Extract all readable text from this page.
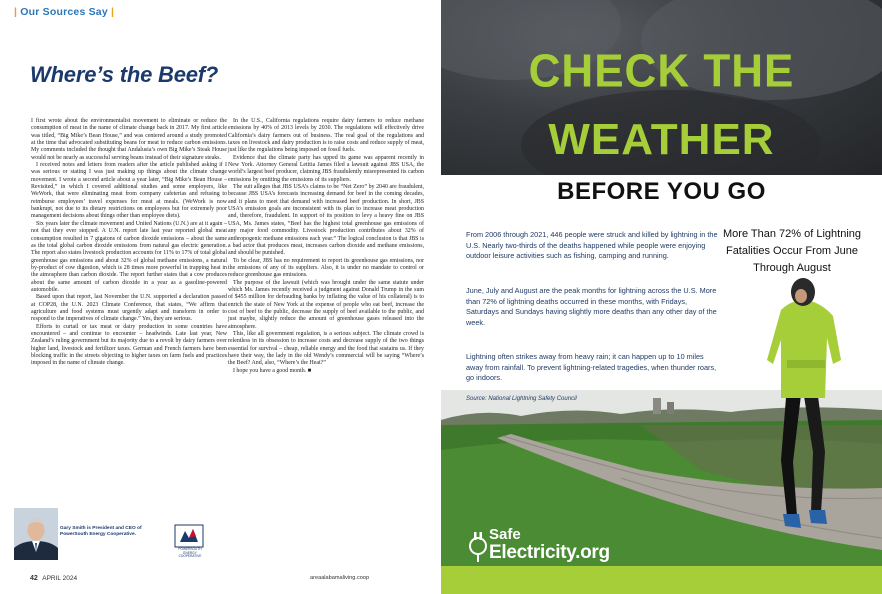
| Our Sources Say |
Where’s the Beef?

I first wrote about the environmentalist movement to eliminate or reduce the consumption of meat in the name of climate change back in 2017. My first article was titled, “Big Mike’s Bean House,” and was centered around a study promoted at the time that advocated substituting beans for meat to reduce carbon emissions. My comments included the thought that Andalusia’s own Big Mike’s Steak House would not be nearly as successful serving beans instead of their signature steaks.

I received notes and letters from readers after the article published asking if I was serious or stating I was just making up things about the climate change movement. I wrote a second article about a year later, “Big Mike’s Bean House – Revisited,” in which I covered additional studies and some employers, like WeWork, that were eliminating meat from company cafeterias and refusing to reimburse employees’ travel expenses for meat at meals. (WeWork is now bankrupt, not due to its dietary restrictions on employees but for extremely poor management decisions about things other than employee diets).

Six years later the climate movement and United Nations (U.N.) are at it again – not that they ever stopped. A U.N. report late last year reported global meat consumption resulted in 7 gigatons of carbon dioxide emissions – about the same as the total global carbon dioxide emissions from natural gas electric generation. The report also states livestock production accounts for 11% to 17% of total global greenhouse gas emissions and about 32% of global methane emissions, a natural by-product of cow digestion, which is 28 times more powerful in trapping heat in the atmosphere than carbon dioxide. The report further states that a cow produces about the same amount of carbon dioxide in a year as a gasoline-powered automobile.

Based upon that report, last November the U.N. supported a declaration passed at COP28, the U.N. 2023 Climate Conference, that states, “We affirm that agriculture and food systems must urgently adapt and transform in order to respond to the imperatives of climate change.” Yes, they are serious.

Efforts to curtail or tax meat or dairy production in some countries have encountered – and continue to encounter – headwinds. Late last year, New Zealand’s ruling government but its majority due to a revolt by dairy farmers over higher land, livestock and fertilizer taxes. German and French farmers have been blocking traffic in the streets objecting to higher taxes on farm fuels and practices imposed in the name of climate change.

In the U.S., California regulations require dairy farmers to reduce methane emissions by 40% of 2013 levels by 2030. The regulations will effectively drive California’s dairy farmers out of business. The real goal of the regulations and taxes on livestock and dairy production is to raise costs and reduce supply of meat, just like the regulations being imposed on fossil fuels.

Evidence that the climate party has upped its game was apparent recently in New York. Attorney General Letitia James filed a lawsuit against JBS USA, the world’s largest beef producer, claiming JBS fraudulently misrepresented its carbon emissions by omitting the emissions of its suppliers.

The suit alleges that JBS USA’s claims to be “Net Zero” by 2040 are fraudulent, because JBS USA’s forecasts increasing demand for beef in the coming decades, and it plans to meet that demand with increased beef production. In short, JBS USA’s emission goals are inconsistent with its plan to increase meat production and, therefore, fraudulent. In support of its position to levy a heavy fine on JBS USA, Ms. James states, “Beef has the highest total greenhouse gas emissions of any major food commodity. Livestock production contributes about 32% of anthropogenic methane emissions each year.” The logical conclusion is that JBS is a bad actor that produces meat, increases carbon dioxide and methane emissions, and should be punished.

To be clear, JBS has no requirement to report its greenhouse gas emissions, nor the emissions of any of its suppliers. Also, it is under no mandate to control or reduce greenhouse gas emissions.

The purpose of the lawsuit (which was brought under the same statute under which Ms. James recently received a judgment against Donald Trump in the sum of $455 million for defrauding banks by inflating the value of his collateral) is to enrich the state of New York at the expense of people who eat beef, increase the cost of beef to the public, decrease the supply of beef available to the public, and just maybe, slightly reduce the amount of greenhouse gases released into the atmosphere.

This, like all government regulation, is a serious subject. The climate crowd is relentless in its obsession to increase costs and decrease supply of the two things essential for survival – cheap, reliable energy and the food that sustains us. If they have their way, the lady in the old Wendy’s commercial will be saying “Where’s the Beef? And, also, “Where’s the Heat?”

I hope you have a good month. ■

Gary Smith is President and CEO of PowerSouth Energy Cooperative.
POWERSOUTH
ENERGY COOPERATIVE
42 APRIL 2024	areaalabamaliving.coop
CHECK THE
WEATHER
BEFORE YOU GO
From 2006 through 2021, 446 people were struck and killed by lightning in the U.S. Nearly two-thirds of the deaths happened while people were enjoying outdoor leisure activities such as fishing, camping and running.
June, July and August are the peak months for lightning across the U.S. More than 72% of lightning deaths occurred in these months, with Fridays, Saturdays and Sundays having slightly more deaths than any other day of the week.
Lightning often strikes away from heavy rain; it can happen up to 10 miles away from rainfall. To prevent lightning-related tragedies, when thunder roars, go indoors.
Source: National Lightning Safety Council
More Than 72% of Lightning Fatalities Occur From June Through August
Safe
Electricity.org
